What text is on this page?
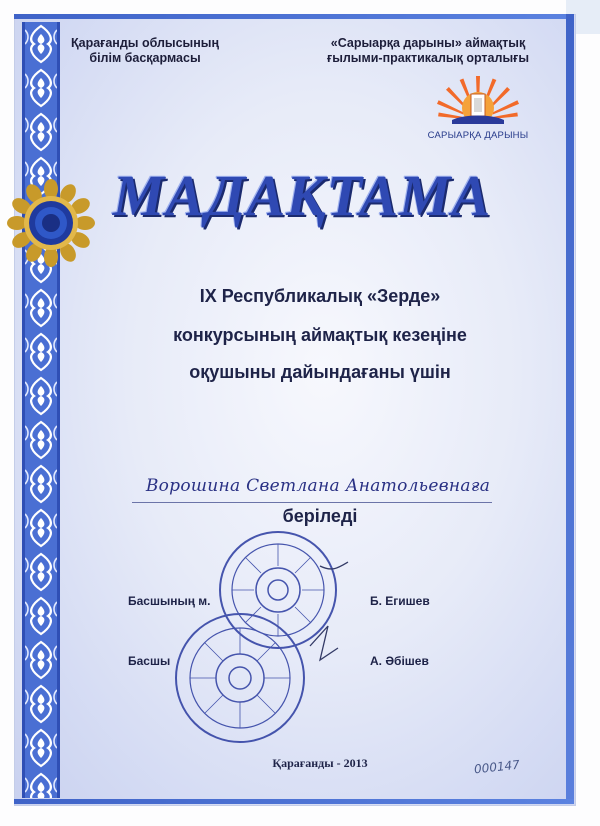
Қарағанды облысының
білім басқармасы
«Сарыарқа дарыны» аймақтық
ғылыми-практикалық орталығы
САРЫАРҚА ДАРЫНЫ
МАДАҚТАМА
IX Республикалық «Зерде»
конкурсының аймақтық кезеңіне
оқушыны дайындағаны үшін
Ворошина Светлана Анатольевнаға
беріледі
Басшының м.	Б. Егишев
Басшы	А. Әбішев
Қарағанды - 2013	000147
